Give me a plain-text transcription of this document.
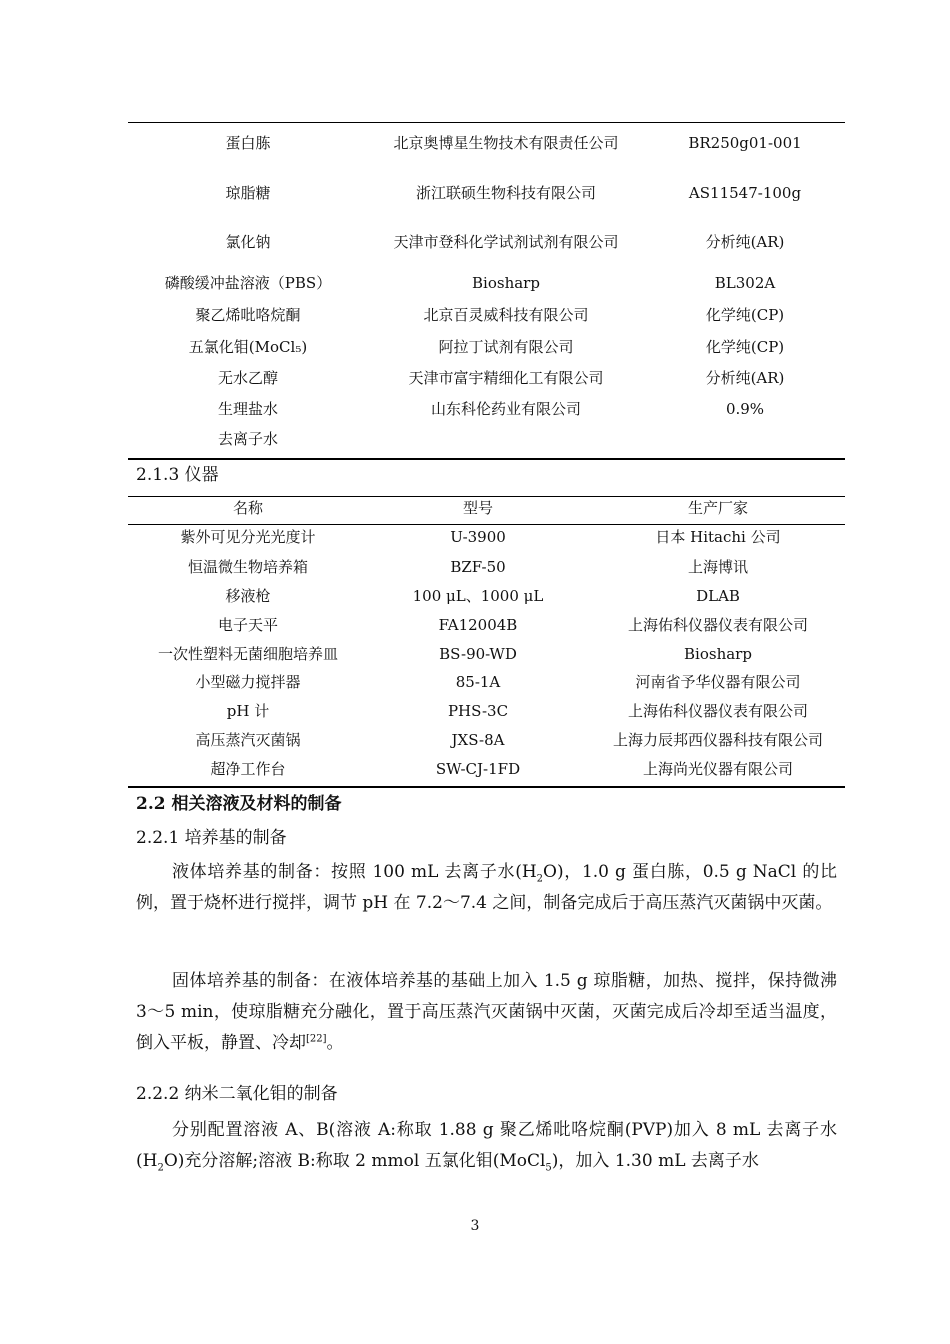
蛋白胨	北京奥博星生物技术有限责任公司	BR250g01-001
琼脂糖	浙江联硕生物科技有限公司	AS11547-100g
氯化钠	天津市登科化学试剂试剂有限公司	分析纯(AR)
磷酸缓冲盐溶液（PBS）	Biosharp	BL302A
聚乙烯吡咯烷酮	北京百灵威科技有限公司	化学纯(CP)
五氯化钼(MoCl₅)	阿拉丁试剂有限公司	化学纯(CP)
无水乙醇	天津市富宇精细化工有限公司	分析纯(AR)
生理盐水	山东科伦药业有限公司	0.9%
去离子水
2.1.3 仪器
名称	型号	生产厂家
紫外可见分光光度计	U-3900	日本 Hitachi 公司
恒温微生物培养箱	BZF-50	上海博讯
移液枪	100 μL、1000 μL	DLAB
电子天平	FA12004B	上海佑科仪器仪表有限公司
一次性塑料无菌细胞培养皿	BS-90-WD	Biosharp
小型磁力搅拌器	85-1A	河南省予华仪器有限公司
pH 计	PHS-3C	上海佑科仪器仪表有限公司
高压蒸汽灭菌锅	JXS-8A	上海力辰邦西仪器科技有限公司
超净工作台	SW-CJ-1FD	上海尚光仪器有限公司
2.2 相关溶液及材料的制备
2.2.1 培养基的制备
液体培养基的制备：按照 100 mL 去离子水$(H_2O)$，1.0 g 蛋白胨，0.5 g NaCl 的比例，置于烧杯进行搅拌，调节 pH 在 7.2～7.4 之间，制备完成后于高压蒸汽灭菌锅中灭菌。
固体培养基的制备：在液体培养基的基础上加入 1.5 g 琼脂糖，加热、搅拌，保持微沸 3～5 min，使琼脂糖充分融化，置于高压蒸汽灭菌锅中灭菌，灭菌完成后冷却至适当温度，倒入平板，静置、冷却[22]。
2.2.2 纳米二氧化钼的制备
分别配置溶液 A、B(溶液 A:称取 1.88 g 聚乙烯吡咯烷酮(PVP)加入 8 mL 去离子水$(H_2O)$充分溶解;溶液 B:称取 2 mmol 五氯化钼(MoCl$_5$)，加入 1.30 mL 去离子水
3
